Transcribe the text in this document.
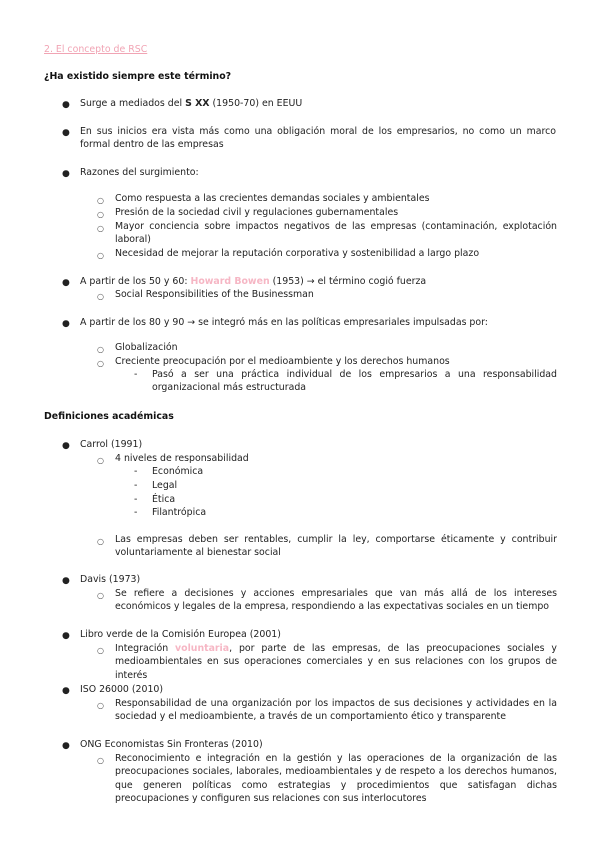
2. El concepto de RSC
¿Ha existido siempre este término?
● Surge a mediados del S XX (1950-70) en EEUU
● En sus inicios era vista más como una obligación moral de los empresarios, no como un marco formal dentro de las empresas
● Razones del surgimiento:
○ Como respuesta a las crecientes demandas sociales y ambientales
○ Presión de la sociedad civil y regulaciones gubernamentales
○ Mayor conciencia sobre impactos negativos de las empresas (contaminación, explotación laboral)
○ Necesidad de mejorar la reputación corporativa y sostenibilidad a largo plazo
● A partir de los 50 y 60: Howard Bowen (1953) → el término cogió fuerza
○ Social Responsibilities of the Businessman
● A partir de los 80 y 90 → se integró más en las políticas empresariales impulsadas por:
○ Globalización
○ Creciente preocupación por el medioambiente y los derechos humanos
- Pasó a ser una práctica individual de los empresarios a una responsabilidad organizacional más estructurada
Definiciones académicas
● Carrol (1991)
○ 4 niveles de responsabilidad
- Económica
- Legal
- Ética
- Filantrópica
○ Las empresas deben ser rentables, cumplir la ley, comportarse éticamente y contribuir voluntariamente al bienestar social
● Davis (1973)
○ Se refiere a decisiones y acciones empresariales que van más allá de los intereses económicos y legales de la empresa, respondiendo a las expectativas sociales en un tiempo
● Libro verde de la Comisión Europea (2001)
○ Integración voluntaria, por parte de las empresas, de las preocupaciones sociales y medioambientales en sus operaciones comerciales y en sus relaciones con los grupos de interés
● ISO 26000 (2010)
○ Responsabilidad de una organización por los impactos de sus decisiones y actividades en la sociedad y el medioambiente, a través de un comportamiento ético y transparente
● ONG Economistas Sin Fronteras (2010)
○ Reconocimiento e integración en la gestión y las operaciones de la organización de las preocupaciones sociales, laborales, medioambientales y de respeto a los derechos humanos, que generen políticas como estrategias y procedimientos que satisfagan dichas preocupaciones y configuren sus relaciones con sus interlocutores
